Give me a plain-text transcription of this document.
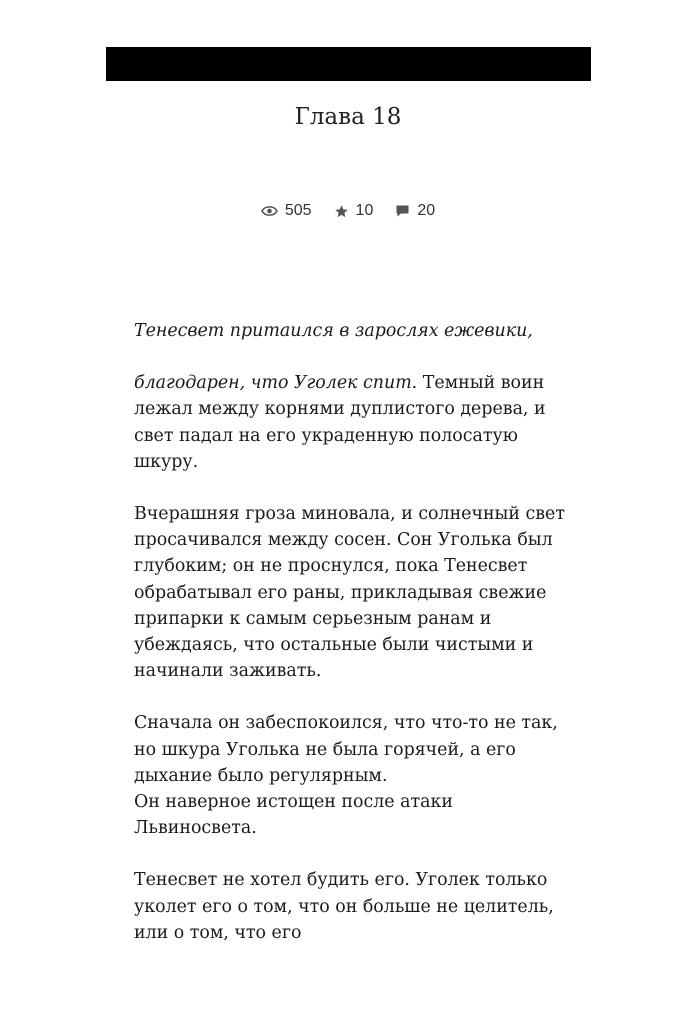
Глава 18
505	10	20

Тенесвет притаился в зарослях ежевики,

благодарен, что Уголек спит. Темный воин лежал между корнями дуплистого дерева, и свет падал на его украденную полосатую шкуру.

Вчерашняя гроза миновала, и солнечный свет просачивался между сосен. Сон Уголька был глубоким; он не проснулся, пока Тенесвет обрабатывал его раны, прикладывая свежие припарки к самым серьезным ранам и убеждаясь, что остальные были чистыми и начинали заживать.

Сначала он забеспокоился, что что-то не так, но шкура Уголька не была горячей, а его дыхание было регулярным.
Он наверное истощен после атаки Львиносвета.

Тенесвет не хотел будить его. Уголек только уколет его о том, что он больше не целитель, или о том, что его
